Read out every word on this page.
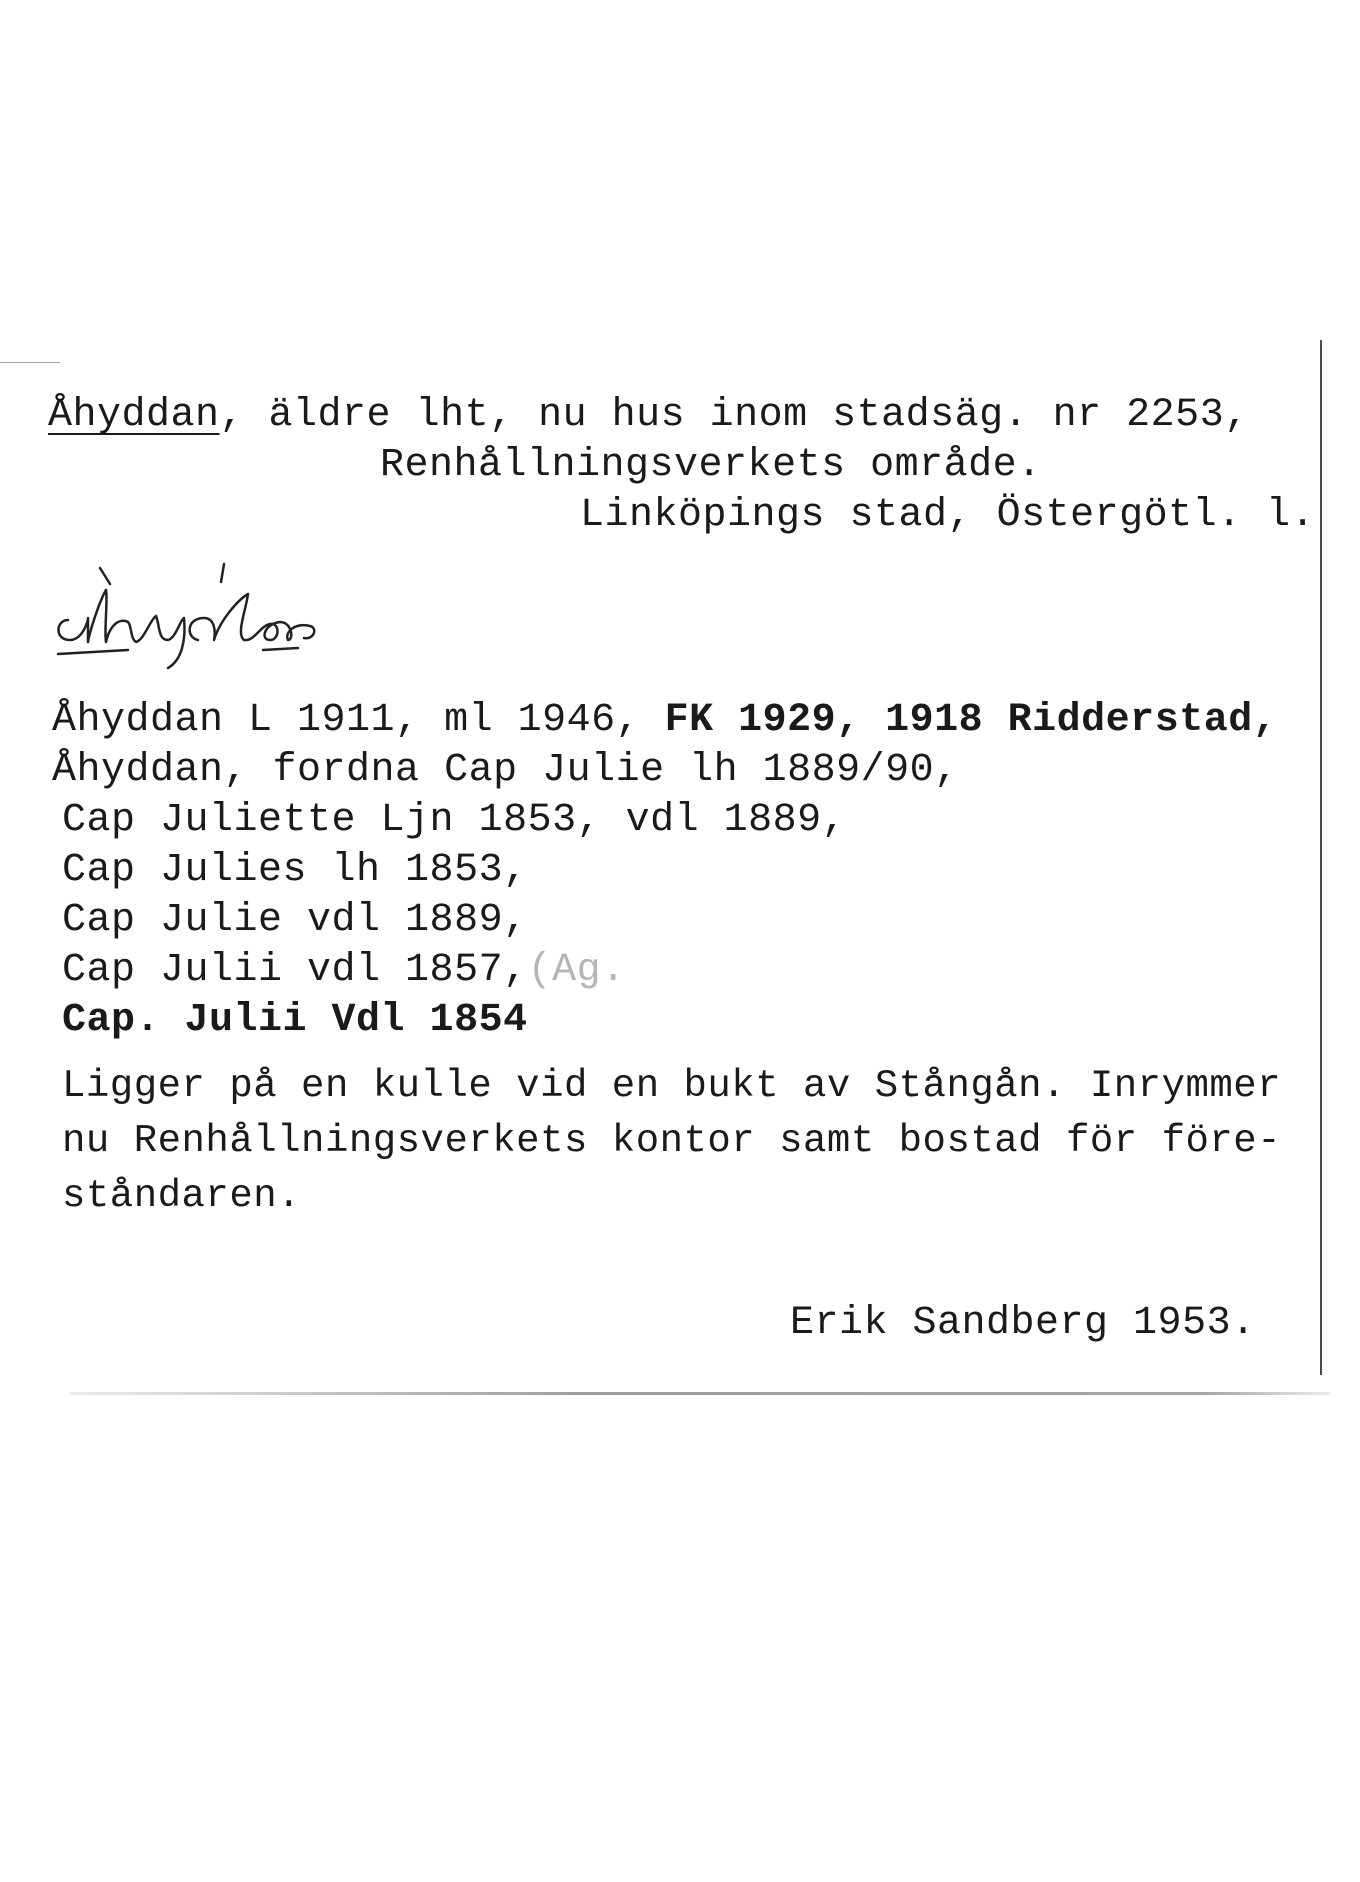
Åhyddan, äldre lht, nu hus inom stadsäg. nr 2253,
Renhållningsverkets område.
Linköpings stad, Östergötl. l.
Åhyddan L 1911, ml 1946, FK 1929, 1918 Ridderstad,
Åhyddan, fordna Cap Julie lh 1889/90,
Cap Juliette Ljn 1853, vdl 1889,
Cap Julies lh 1853,
Cap Julie vdl 1889,
Cap Julii vdl 1857,(Ag.
Cap. Julii Vdl 1854
Ligger på en kulle vid en bukt av Stångån. Inrymmer
nu Renhållningsverkets kontor samt bostad för före-
ståndaren.
Erik Sandberg 1953.
